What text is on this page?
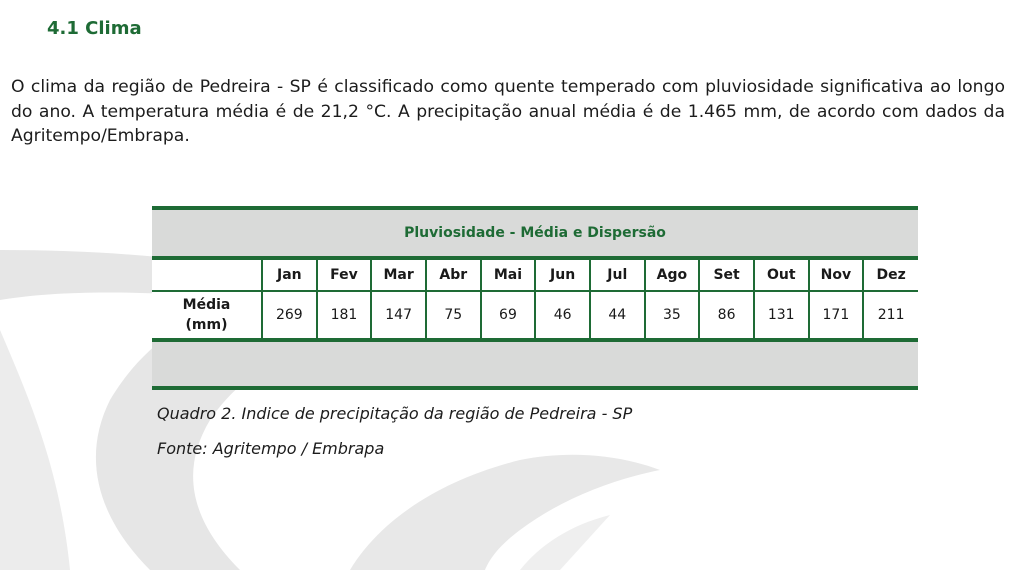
4.1 Clima
O clima da região de Pedreira - SP é classificado como quente temperado com pluviosidade significativa ao longo do ano. A temperatura média é de 21,2 °C. A precipitação anual média é de 1.465 mm, de acordo com dados da Agritempo/Embrapa.
Pluviosidade - Média e Dispersão												
	Jan	Fev	Mar	Abr	Mai	Jun	Jul	Ago	Set	Out	Nov	Dez
Média
(mm)	269	181	147	75	69	46	44	35	86	131	171	211

Quadro 2. Indice de precipitação da região de Pedreira - SP
Fonte: Agritempo / Embrapa
